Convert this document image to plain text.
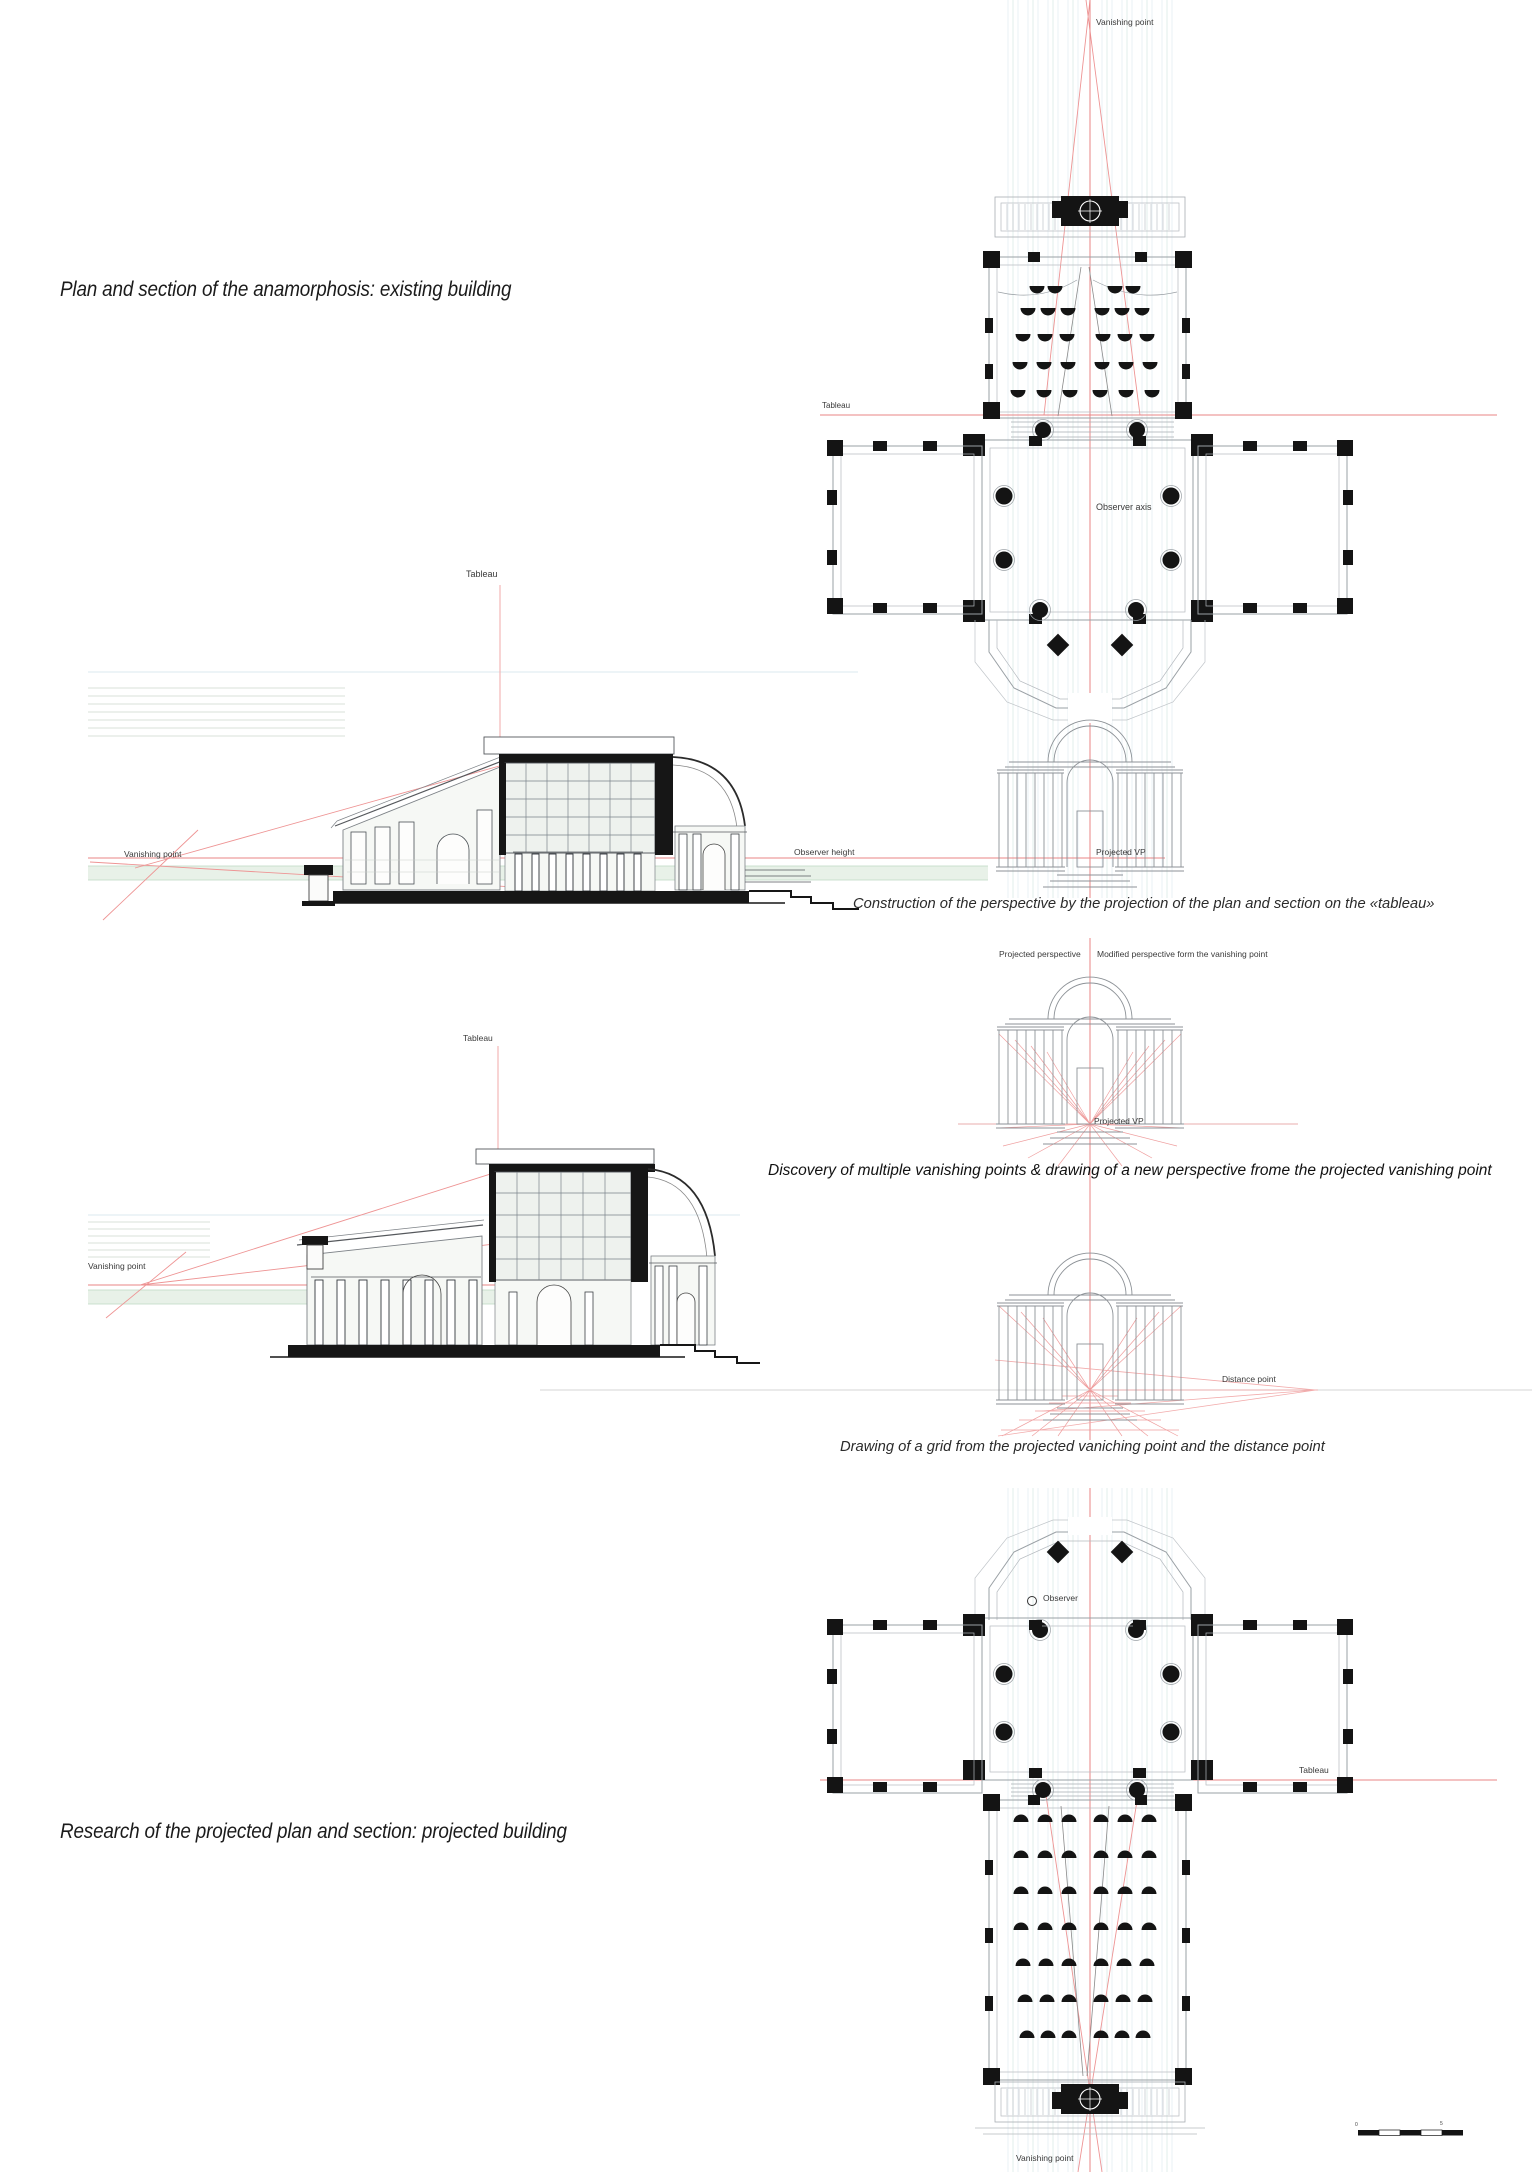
Plan and section of the anamorphosis: existing building
Research of the projected plan and section: projected building
Construction of the perspective by the projection of the plan and section on the «tableau»
Discovery of multiple vanishing points & drawing of a new perspective frome the projected vanishing point
Drawing of a grid from the projected vaniching point and the distance point
Vanishing point
Tableau
Observer axis
Tableau
Vanishing point	Observer height	Projected VP
Projected perspective Modified perspective form the vanishing point
Projected VP
Tableau
Vanishing point
Distance point
Observer
Tableau
Vanishing point
0	5
